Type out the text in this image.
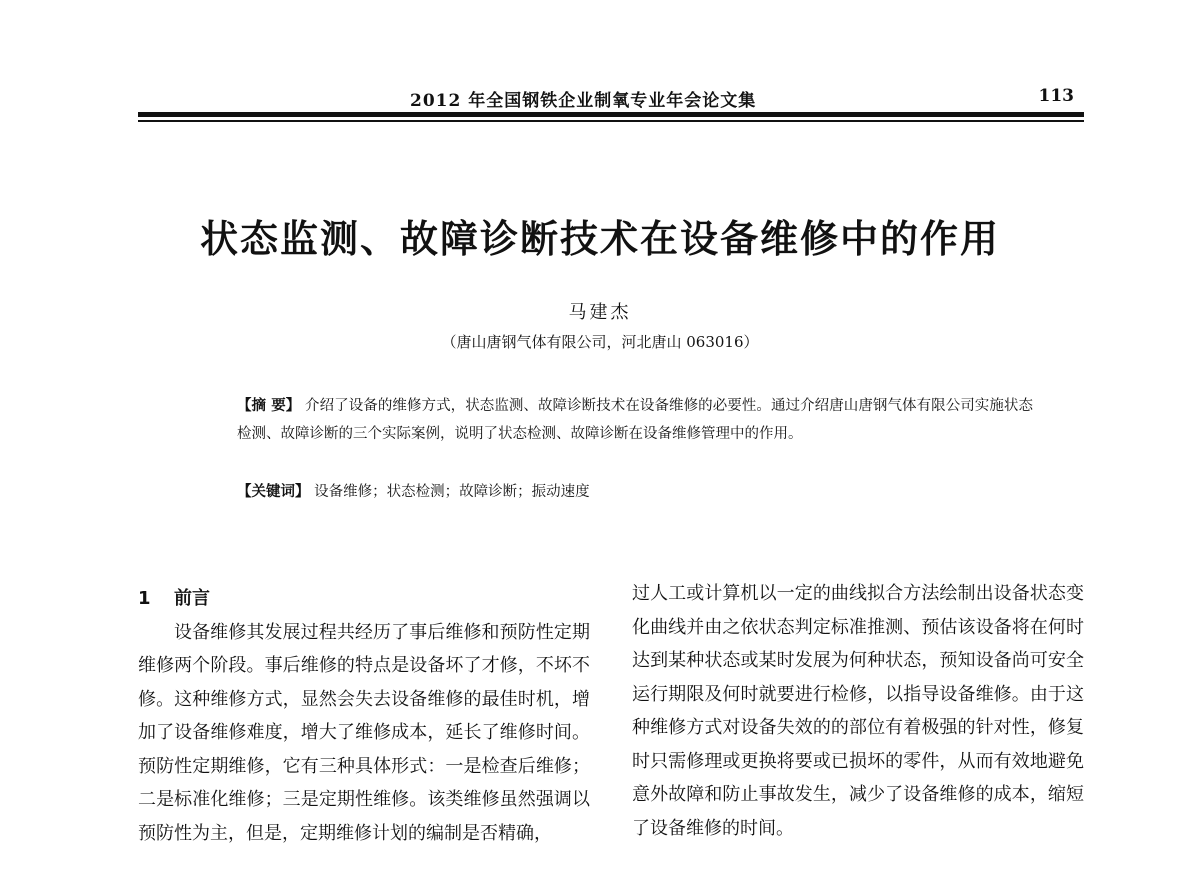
2012 年全国钢铁企业制氧专业年会论文集	113
状态监测、故障诊断技术在设备维修中的作用
马建杰
（唐山唐钢气体有限公司，河北唐山 063016）
【摘 要】 介绍了设备的维修方式，状态监测、故障诊断技术在设备维修的必要性。通过介绍唐山唐钢气体有限公司实施状态检测、故障诊断的三个实际案例，说明了状态检测、故障诊断在设备维修管理中的作用。
【关键词】 设备维修；状态检测；故障诊断；振动速度
1 前言

设备维修其发展过程共经历了事后维修和预防性定期维修两个阶段。事后维修的特点是设备坏了才修，不坏不修。这种维修方式，显然会失去设备维修的最佳时机，增加了设备维修难度，增大了维修成本，延长了维修时间。预防性定期维修，它有三种具体形式：一是检查后维修；二是标准化维修；三是定期性维修。该类维修虽然强调以预防性为主，但是，定期维修计划的编制是否精确，

过人工或计算机以一定的曲线拟合方法绘制出设备状态变化曲线并由之依状态判定标准推测、预估该设备将在何时达到某种状态或某时发展为何种状态，预知设备尚可安全运行期限及何时就要进行检修，以指导设备维修。由于这种维修方式对设备失效的的部位有着极强的针对性，修复时只需修理或更换将要或已损坏的零件，从而有效地避免意外故障和防止事故发生，减少了设备维修的成本，缩短了设备维修的时间。
